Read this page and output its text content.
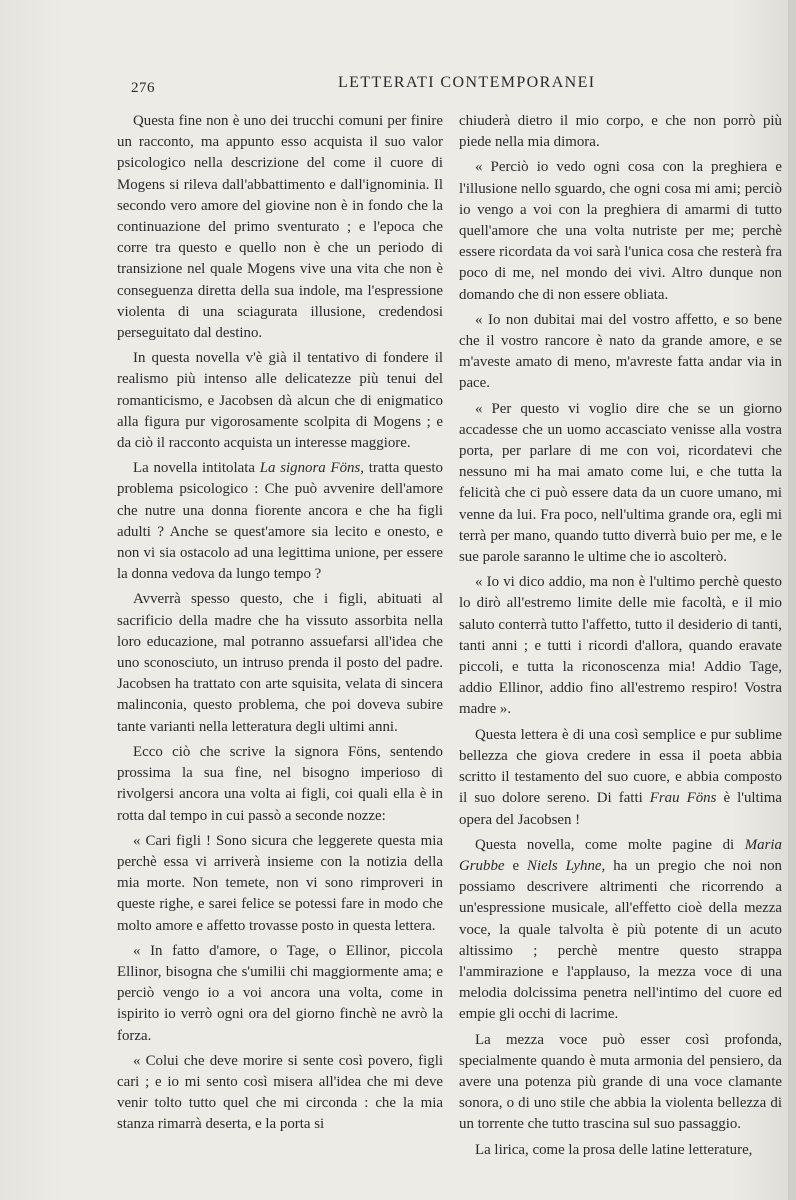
276	LETTERATI CONTEMPORANEI

Questa fine non è uno dei trucchi comuni per finire un racconto, ma appunto esso acquista il suo valor psicologico nella descrizione del come il cuore di Mogens si rileva dall'abbattimento e dall'ignominia. Il secondo vero amore del giovine non è in fondo che la continuazione del primo sventurato ; e l'epoca che corre tra questo e quello non è che un periodo di transizione nel quale Mogens vive una vita che non è conseguenza diretta della sua indole, ma l'espressione violenta di una sciagurata illusione, credendosi perseguitato dal destino.

In questa novella v'è già il tentativo di fondere il realismo più intenso alle delicatezze più tenui del romanticismo, e Jacobsen dà alcun che di enigmatico alla figura pur vigorosamente scolpita di Mogens ; e da ciò il racconto acquista un interesse maggiore.

La novella intitolata La signora Föns, tratta questo problema psicologico : Che può avvenire dell'amore che nutre una donna fiorente ancora e che ha figli adulti ? Anche se quest'amore sia lecito e onesto, e non vi sia ostacolo ad una legittima unione, per essere la donna vedova da lungo tempo ?

Avverrà spesso questo, che i figli, abituati al sacrificio della madre che ha vissuto assorbita nella loro educazione, mal potranno assuefarsi all'idea che uno sconosciuto, un intruso prenda il posto del padre. Jacobsen ha trattato con arte squisita, velata di sincera malinconia, questo problema, che poi doveva subire tante varianti nella letteratura degli ultimi anni.

Ecco ciò che scrive la signora Föns, sentendo prossima la sua fine, nel bisogno imperioso di rivolgersi ancora una volta ai figli, coi quali ella è in rotta dal tempo in cui passò a seconde nozze:

« Cari figli ! Sono sicura che leggerete questa mia perchè essa vi arriverà insieme con la notizia della mia morte. Non temete, non vi sono rimproveri in queste righe, e sarei felice se potessi fare in modo che molto amore e affetto trovasse posto in questa lettera.

« In fatto d'amore, o Tage, o Ellinor, piccola Ellinor, bisogna che s'umilii chi maggiormente ama; e perciò vengo io a voi ancora una volta, come in ispirito io verrò ogni ora del giorno finchè ne avrò la forza.

« Colui che deve morire si sente così povero, figli cari ; e io mi sento così misera all'idea che mi deve venir tolto tutto quel che mi circonda : che la mia stanza rimarrà deserta, e la porta si

chiuderà dietro il mio corpo, e che non porrò più piede nella mia dimora.

« Perciò io vedo ogni cosa con la preghiera e l'illusione nello sguardo, che ogni cosa mi ami; perciò io vengo a voi con la preghiera di amarmi di tutto quell'amore che una volta nutriste per me; perchè essere ricordata da voi sarà l'unica cosa che resterà fra poco di me, nel mondo dei vivi. Altro dunque non domando che di non essere obliata.

« Io non dubitai mai del vostro affetto, e so bene che il vostro rancore è nato da grande amore, e se m'aveste amato di meno, m'avreste fatta andar via in pace.

« Per questo vi voglio dire che se un giorno accadesse che un uomo accasciato venisse alla vostra porta, per parlare di me con voi, ricordatevi che nessuno mi ha mai amato come lui, e che tutta la felicità che ci può essere data da un cuore umano, mi venne da lui. Fra poco, nell'ultima grande ora, egli mi terrà per mano, quando tutto diverrà buio per me, e le sue parole saranno le ultime che io ascolterò.

« Io vi dico addio, ma non è l'ultimo perchè questo lo dirò all'estremo limite delle mie facoltà, e il mio saluto conterrà tutto l'affetto, tutto il desiderio di tanti, tanti anni ; e tutti i ricordi d'allora, quando eravate piccoli, e tutta la riconoscenza mia! Addio Tage, addio Ellinor, addio fino all'estremo respiro! Vostra madre ».

Questa lettera è di una così semplice e pur sublime bellezza che giova credere in essa il poeta abbia scritto il testamento del suo cuore, e abbia composto il suo dolore sereno. Di fatti Frau Föns è l'ultima opera del Jacobsen !

Questa novella, come molte pagine di Maria Grubbe e Niels Lyhne, ha un pregio che noi non possiamo descrivere altrimenti che ricorrendo a un'espressione musicale, all'effetto cioè della mezza voce, la quale talvolta è più potente di un acuto altissimo ; perchè mentre questo strappa l'ammirazione e l'applauso, la mezza voce di una melodia dolcissima penetra nell'intimo del cuore ed empie gli occhi di lacrime.

La mezza voce può esser così profonda, specialmente quando è muta armonia del pensiero, da avere una potenza più grande di una voce clamante sonora, o di uno stile che abbia la violenta bellezza di un torrente che tutto trascina sul suo passaggio.

La lirica, come la prosa delle latine letterature,
